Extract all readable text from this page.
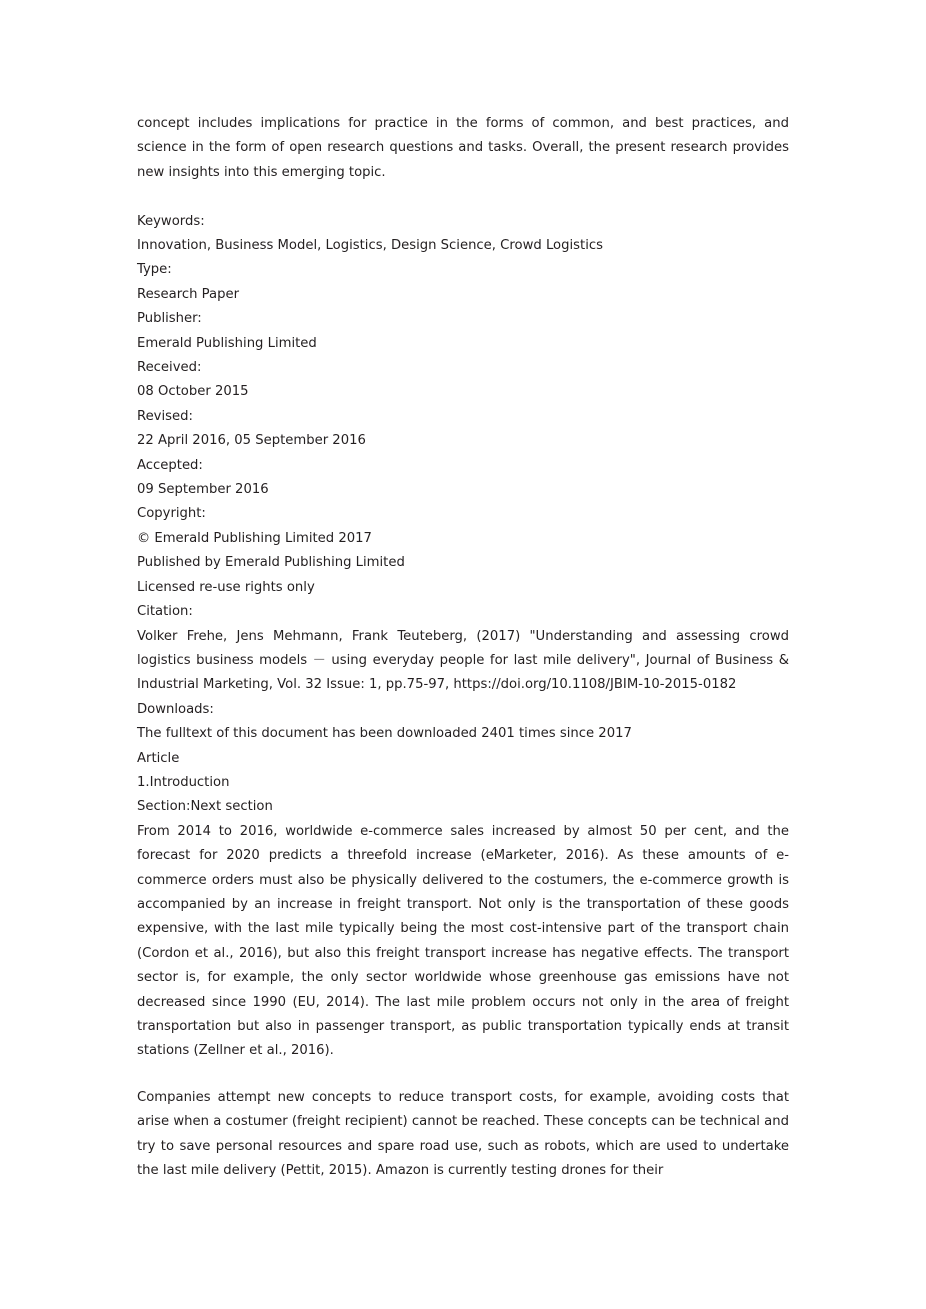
concept includes implications for practice in the forms of common, and best practices, and science in the form of open research questions and tasks. Overall, the present research provides new insights into this emerging topic.

Keywords:
Innovation, Business Model, Logistics, Design Science, Crowd Logistics
Type:
Research Paper
Publisher:
Emerald Publishing Limited
Received:
08 October 2015
Revised:
22 April 2016, 05 September 2016
Accepted:
09 September 2016
Copyright:
© Emerald Publishing Limited 2017
Published by Emerald Publishing Limited
Licensed re-use rights only
Citation:

Volker Frehe, Jens Mehmann, Frank Teuteberg, (2017) "Understanding and assessing crowd logistics business models － using everyday people for last mile delivery", Journal of Business & Industrial Marketing, Vol. 32 Issue: 1, pp.75-97, https://doi.org/10.1108/JBIM-10-2015-0182

Downloads:
The fulltext of this document has been downloaded 2401 times since 2017
Article
1.Introduction
Section:Next section

From 2014 to 2016, worldwide e-commerce sales increased by almost 50 per cent, and the forecast for 2020 predicts a threefold increase (eMarketer, 2016). As these amounts of e-commerce orders must also be physically delivered to the costumers, the e-commerce growth is accompanied by an increase in freight transport. Not only is the transportation of these goods expensive, with the last mile typically being the most cost-intensive part of the transport chain (Cordon et al., 2016), but also this freight transport increase has negative effects. The transport sector is, for example, the only sector worldwide whose greenhouse gas emissions have not decreased since 1990 (EU, 2014). The last mile problem occurs not only in the area of freight transportation but also in passenger transport, as public transportation typically ends at transit stations (Zellner et al., 2016).

Companies attempt new concepts to reduce transport costs, for example, avoiding costs that arise when a costumer (freight recipient) cannot be reached. These concepts can be technical and try to save personal resources and spare road use, such as robots, which are used to undertake the last mile delivery (Pettit, 2015). Amazon is currently testing drones for their
